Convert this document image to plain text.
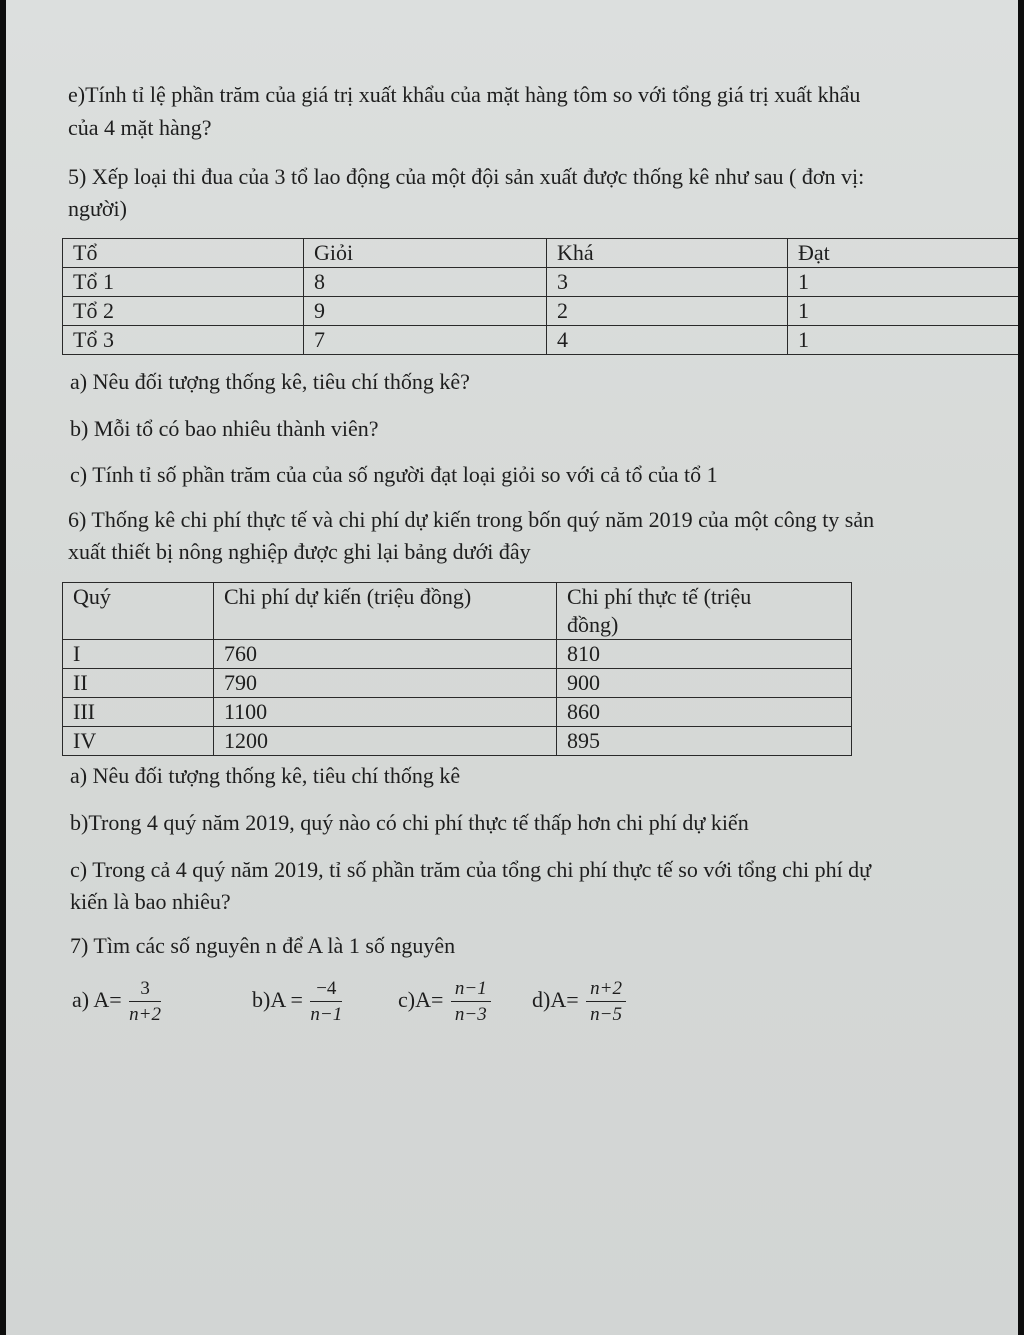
e)Tính tỉ lệ phần trăm của giá trị xuất khẩu của mặt hàng tôm so với tổng giá trị xuất khẩu
của 4 mặt hàng?
5) Xếp loại thi đua của 3 tổ lao động của một đội sản xuất được thống kê như sau ( đơn vị:
người)
Tổ	Giỏi	Khá	Đạt
Tổ 1	8	3	1
Tổ 2	9	2	1
Tổ 3	7	4	1
a) Nêu đối tượng thống kê, tiêu chí thống kê?
b) Mỗi tổ có bao nhiêu thành viên?
c) Tính tỉ số phần trăm của của số người đạt loại giỏi so với cả tổ của tổ 1
6) Thống kê chi phí thực tế và chi phí dự kiến trong bốn quý năm 2019 của một công ty sản
xuất thiết bị nông nghiệp được ghi lại bảng dưới đây
Quý	Chi phí dự kiến (triệu đồng)	Chi phí thực tế (triệu
đồng)
I	760	810
II	790	900
III	1100	860
IV	1200	895
a) Nêu đối tượng thống kê, tiêu chí thống kê
b)Trong 4 quý năm 2019, quý nào có chi phí thực tế thấp hơn chi phí dự kiến
c) Trong cả 4 quý năm 2019, tỉ số phần trăm của tổng chi phí thực tế so với tổng chi phí dự
kiến là bao nhiêu?
7) Tìm các số nguyên n để A là 1 số nguyên
a) $A= \frac{3}{n+2}$	$b)A = \frac{-4}{n-1}$	$c)A= \frac{n-1}{n-3} d)A= \frac{n+2}{n-5}$
